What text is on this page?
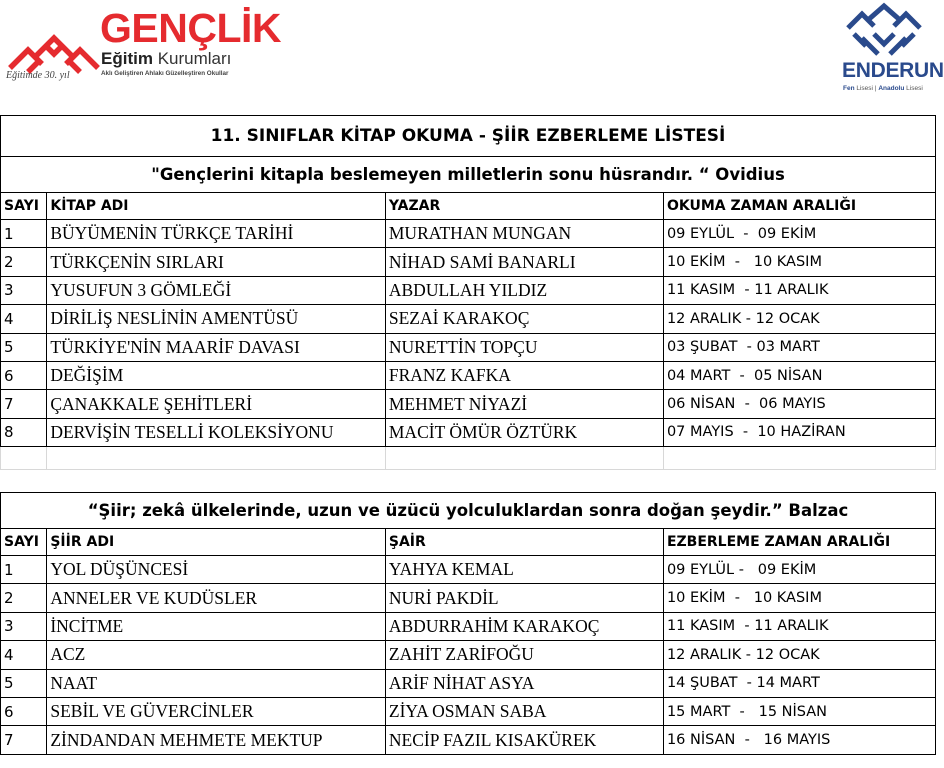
GENÇLİK
Eğitim Kurumları
Aklı Geliştiren Ahlakı Güzelleştiren Okullar
Eğitimde 30. yıl	ENDERUN
Fen Lisesi | Anadolu Lisesi
11. SINIFLAR KİTAP OKUMA - ŞİİR EZBERLEME LİSTESİ			
"Gençlerini kitapla beslemeyen milletlerin sonu hüsrandır. “ Ovidius			
SAYI	KİTAP ADI	YAZAR	OKUMA ZAMAN ARALIĞI
1	BÜYÜMENİN TÜRKÇE TARİHİ	MURATHAN MUNGAN	09 EYLÜL  -  09 EKİM
2	TÜRKÇENİN SIRLARI	NİHAD SAMİ BANARLI	10 EKİM  -   10 KASIM
3	YUSUFUN 3 GÖMLEĞİ	ABDULLAH YILDIZ	11 KASIM  - 11 ARALIK
4	DİRİLİŞ NESLİNİN AMENTÜSÜ	SEZAİ KARAKOÇ	12 ARALIK - 12 OCAK
5	TÜRKİYE'NİN MAARİF DAVASI	NURETTİN TOPÇU	03 ŞUBAT  - 03 MART
6	DEĞİŞİM	FRANZ KAFKA	04 MART  -  05 NİSAN
7	ÇANAKKALE ŞEHİTLERİ	MEHMET NİYAZİ	06 NİSAN  -  06 MAYIS
8	DERVİŞİN TESELLİ KOLEKSİYONU	MACİT ÖMÜR ÖZTÜRK	07 MAYIS  -  10 HAZİRAN

“Şiir; zekâ ülkelerinde, uzun ve üzücü yolculuklardan sonra doğan şeydir.” Balzac			
SAYI	ŞİİR ADI	ŞAİR	EZBERLEME ZAMAN ARALIĞI
1	YOL DÜŞÜNCESİ	YAHYA KEMAL	09 EYLÜL -   09 EKİM
2	ANNELER VE KUDÜSLER	NURİ PAKDİL	10 EKİM  -   10 KASIM
3	İNCİTME	ABDURRAHİM KARAKOÇ	11 KASIM  - 11 ARALIK
4	ACZ	ZAHİT ZARİFOĞU	12 ARALIK - 12 OCAK
5	NAAT	ARİF NİHAT ASYA	14 ŞUBAT  - 14 MART
6	SEBİL VE GÜVERCİNLER	ZİYA OSMAN SABA	15 MART  -   15 NİSAN
7	ZİNDANDAN MEHMETE MEKTUP	NECİP FAZIL KISAKÜREK	16 NİSAN  -   16 MAYIS
